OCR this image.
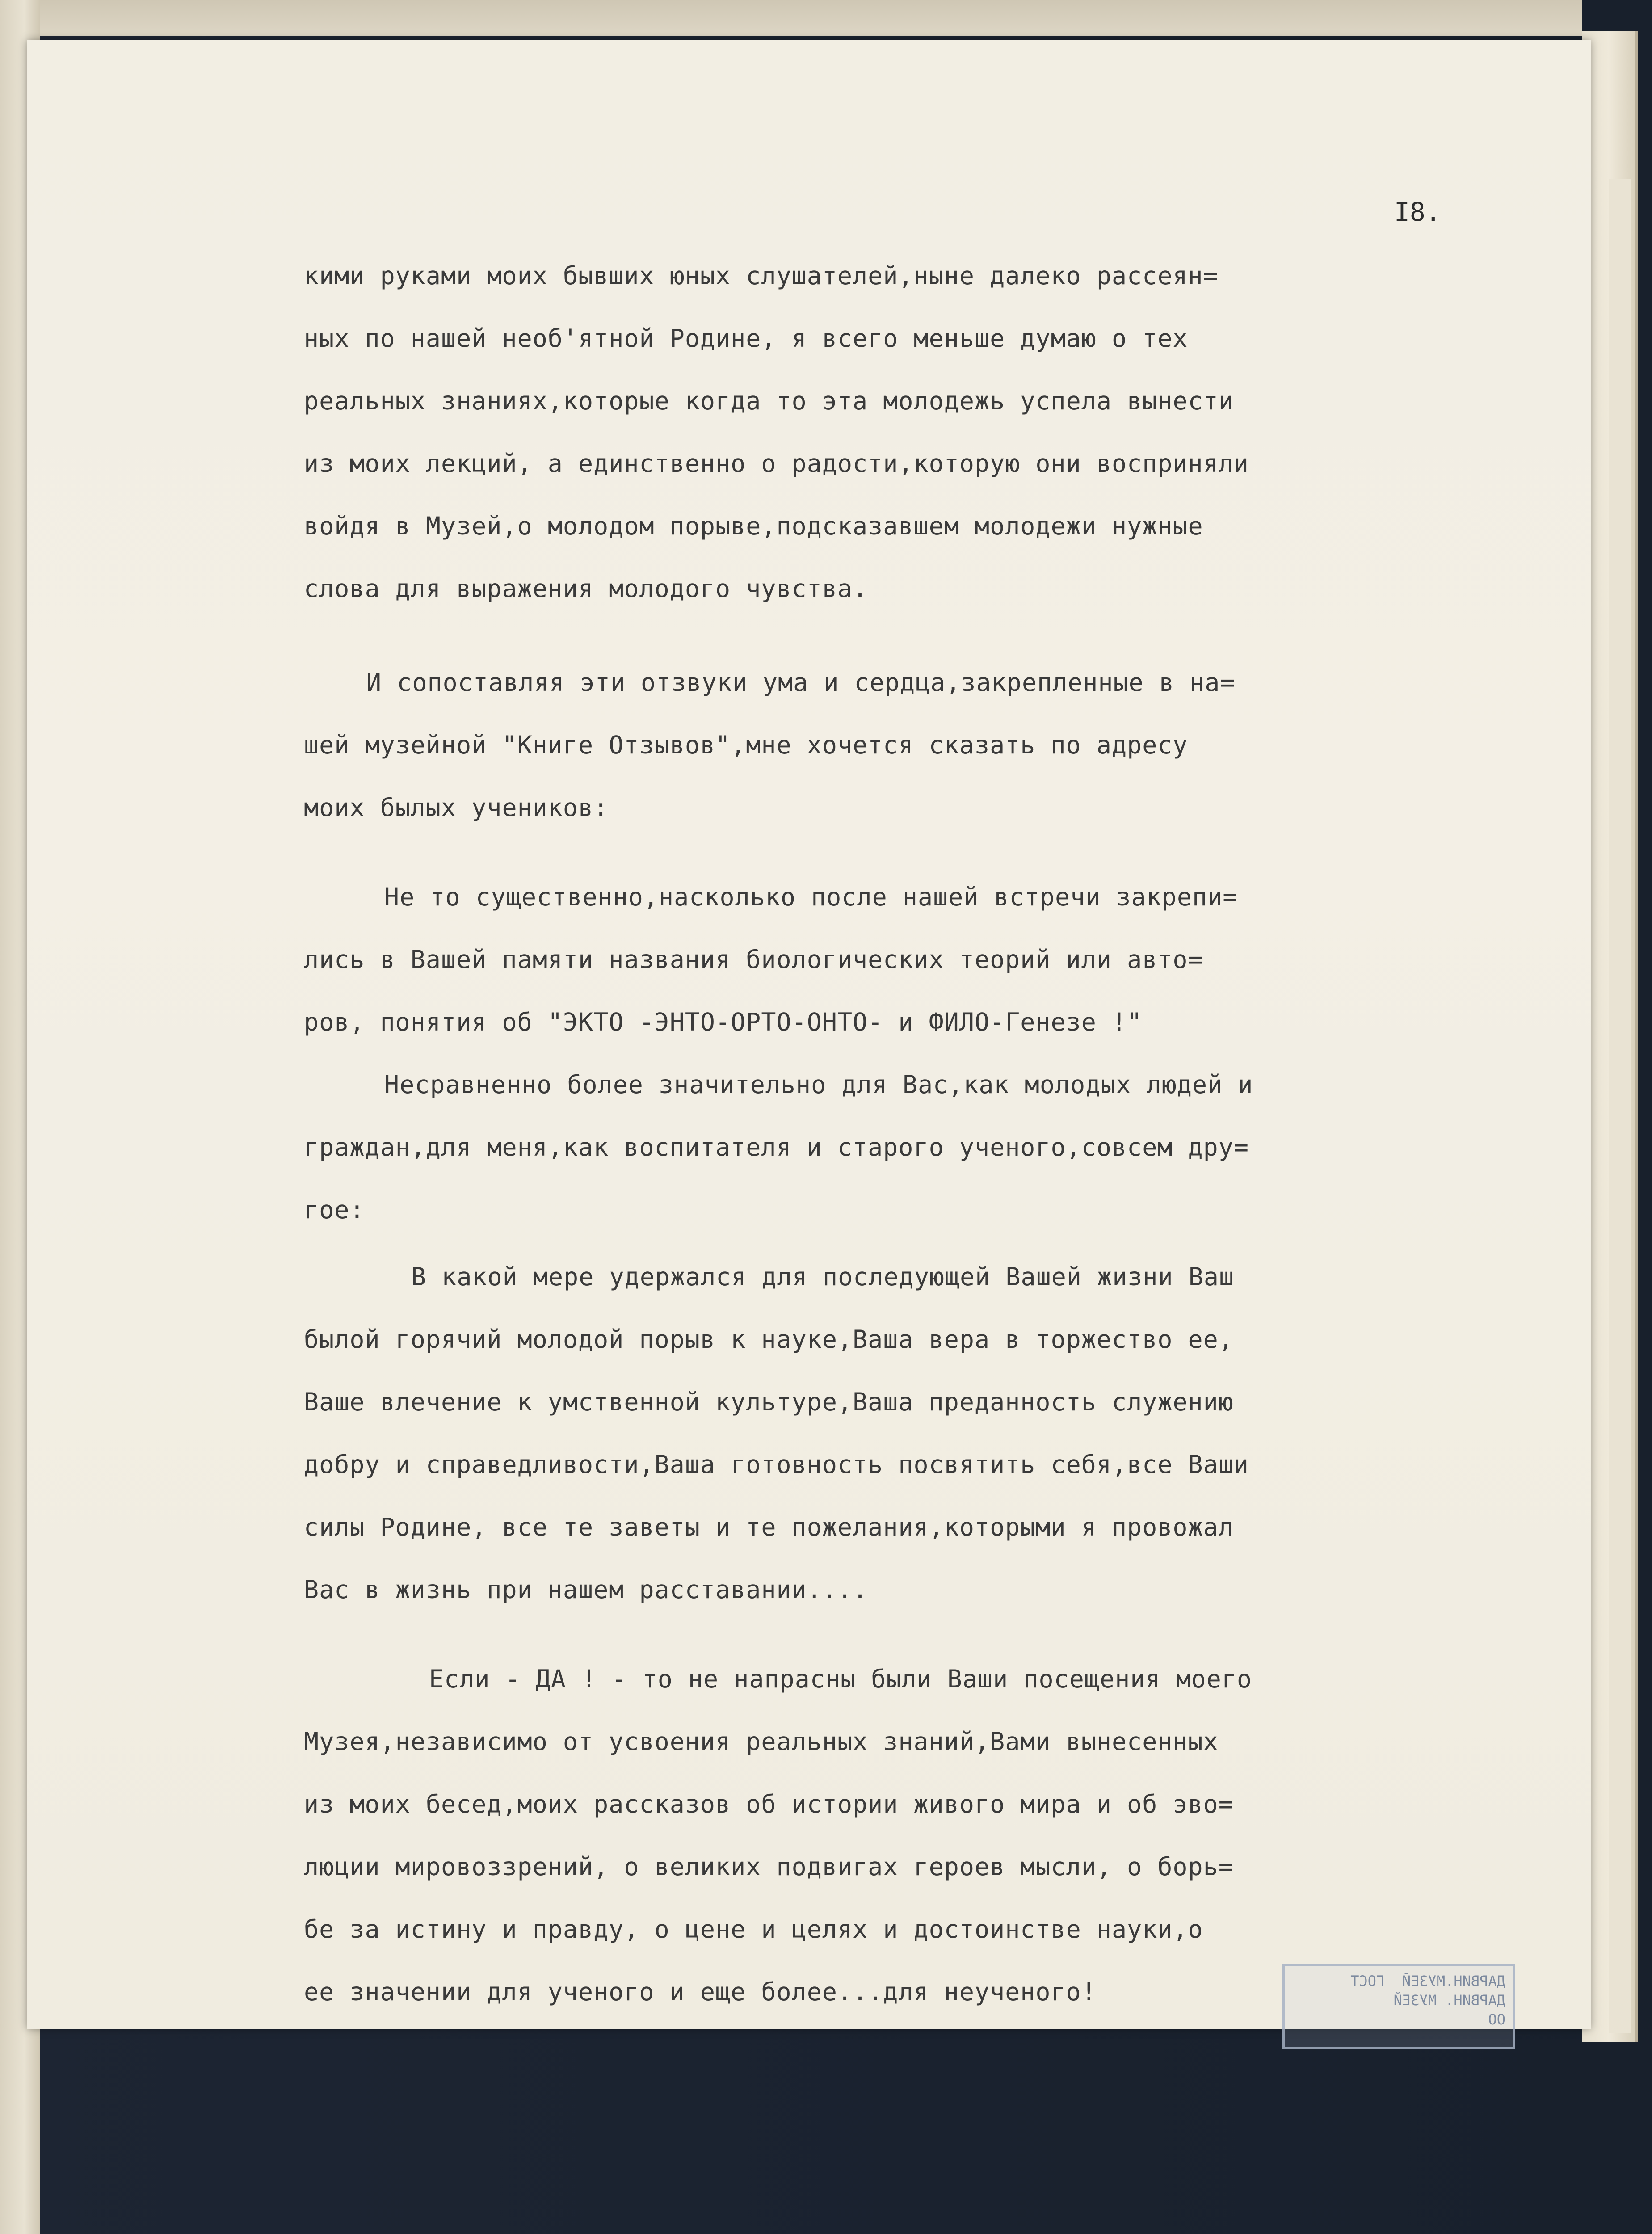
I8.
кими руками моих бывших юных слушателей,ныне далеко рассеян=
ных по нашей необ'ятной Родине, я всего меньше думаю о тех
реальных знаниях,которые когда то эта молодежь успела вынести
из моих лекций, а единственно о радости,которую они восприняли
войдя в Музей,о молодом порыве,подсказавшем молодежи нужные
слова для выражения молодого чувства.
И сопоставляя эти отзвуки ума и сердца,закрепленные в на=
шей музейной "Книге Отзывов",мне хочется сказать по адресу
моих былых учеников:
Не то существенно,насколько после нашей встречи закрепи=
лись в Вашей памяти названия биологических теорий или авто=
ров, понятия об "ЭКТО -ЭНТО-ОРТО-ОНТО- и ФИЛО-Генезе !"
Несравненно более значительно для Вас,как молодых людей и
граждан,для меня,как воспитателя и старого ученого,совсем дру=
гое:
В какой мере удержался для последующей Вашей жизни Ваш
былой горячий молодой порыв к науке,Ваша вера в торжество ее,
Ваше влечение к умственной культуре,Ваша преданность служению
добру и справедливости,Ваша готовность посвятить себя,все Ваши
силы Родине, все те заветы и те пожелания,которыми я провожал
Вас в жизнь при нашем расставании....
Если - ДА ! - то не напрасны были Ваши посещения моего
Музея,независимо от усвоения реальных знаний,Вами вынесенных
из моих бесед,моих рассказов об истории живого мира и об эво=
люции мировоззрений, о великих подвигах героев мысли, о борь=
бе за истину и правду, о цене и целях и достоинстве науки,о
ее значении для ученого и еще более...для неученого!	ДАРВИН.МУЗЕЙ  ГОСТ
ДАРВИН. МУЗЕЙ
ОО
